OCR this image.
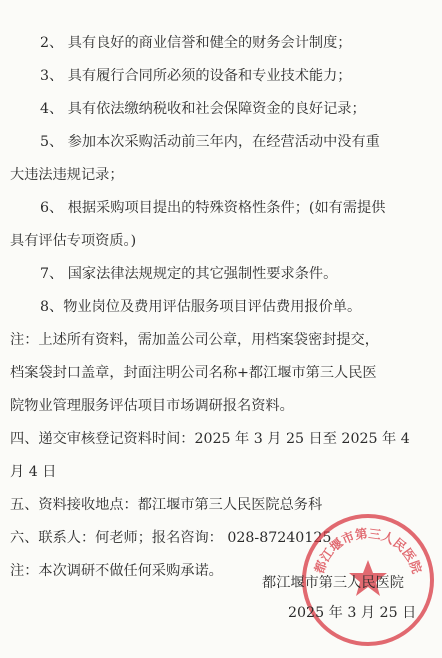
2、 具有良好的商业信誉和健全的财务会计制度；
3、 具有履行合同所必须的设备和专业技术能力；
4、 具有依法缴纳税收和社会保障资金的良好记录；
5、 参加本次采购活动前三年内，在经营活动中没有重
大违法违规记录；
6、 根据采购项目提出的特殊资格性条件；(如有需提供
具有评估专项资质。)
7、 国家法律法规规定的其它强制性要求条件。
8、物业岗位及费用评估服务项目评估费用报价单。
注：上述所有资料，需加盖公司公章，用档案袋密封提交，
档案袋封口盖章，封面注明公司名称+都江堰市第三人民医
院物业管理服务评估项目市场调研报名资料。
四、递交审核登记资料时间：2025 年 3 月 25 日至 2025 年 4
月 4 日
五、资料接收地点：都江堰市第三人民医院总务科
六、联系人：何老师；报名咨询： 028-87240125
注：本次调研不做任何采购承诺。	都江堰市第三人民医院
都江堰市第三人民医院
2025 年 3 月 25 日
